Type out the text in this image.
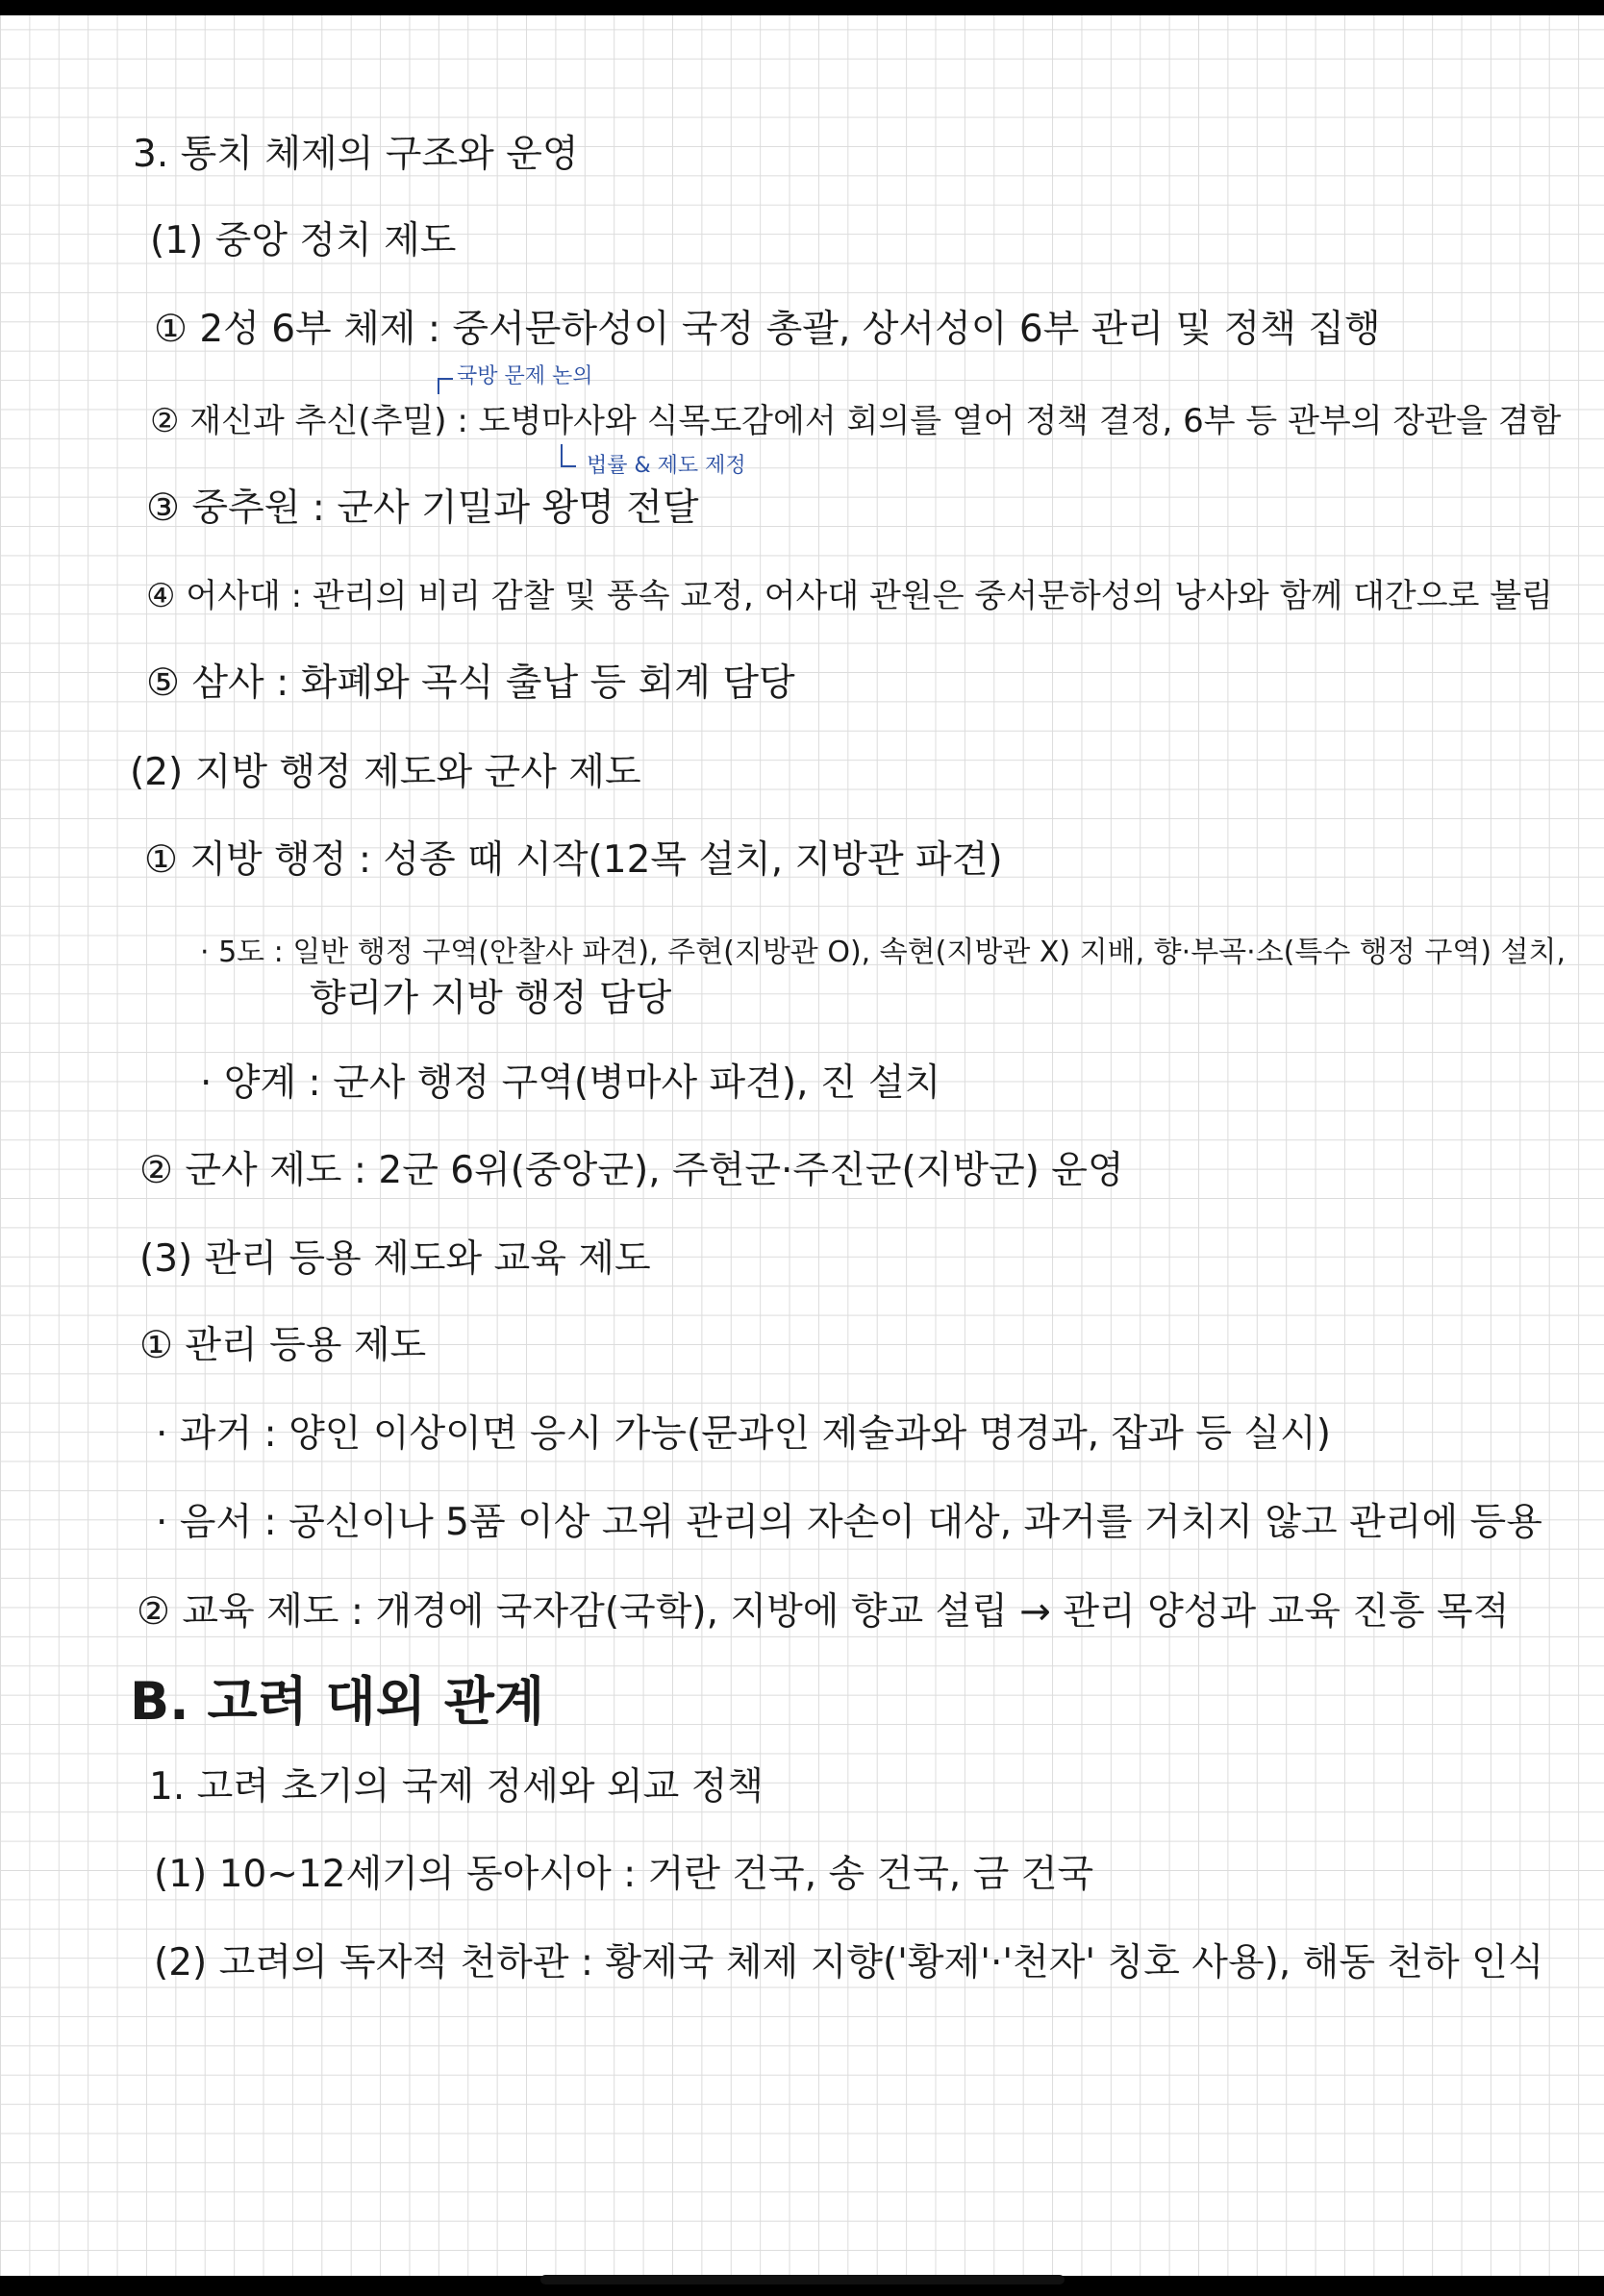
3. 통치 체제의 구조와 운영
(1) 중앙 정치 제도
① 2성 6부 체제 : 중서문하성이 국정 총괄, 상서성이 6부 관리 및 정책 집행
국방 문제 논의
② 재신과 추신(추밀) : 도병마사와 식목도감에서 회의를 열어 정책 결정, 6부 등 관부의 장관을 겸함
법률 & 제도 제정
③ 중추원 : 군사 기밀과 왕명 전달
④ 어사대 : 관리의 비리 감찰 및 풍속 교정, 어사대 관원은 중서문하성의 낭사와 함께 대간으로 불림
⑤ 삼사 : 화폐와 곡식 출납 등 회계 담당
(2) 지방 행정 제도와 군사 제도
① 지방 행정 : 성종 때 시작(12목 설치, 지방관 파견)
· 5도 : 일반 행정 구역(안찰사 파견), 주현(지방관 O), 속현(지방관 X) 지배, 향·부곡·소(특수 행정 구역) 설치,
향리가 지방 행정 담당
· 양계 : 군사 행정 구역(병마사 파견), 진 설치
② 군사 제도 : 2군 6위(중앙군), 주현군·주진군(지방군) 운영
(3) 관리 등용 제도와 교육 제도
① 관리 등용 제도
· 과거 : 양인 이상이면 응시 가능(문과인 제술과와 명경과, 잡과 등 실시)
· 음서 : 공신이나 5품 이상 고위 관리의 자손이 대상, 과거를 거치지 않고 관리에 등용
② 교육 제도 : 개경에 국자감(국학), 지방에 향교 설립 → 관리 양성과 교육 진흥 목적
B. 고려 대외 관계
1. 고려 초기의 국제 정세와 외교 정책
(1) 10~12세기의 동아시아 : 거란 건국, 송 건국, 금 건국
(2) 고려의 독자적 천하관 : 황제국 체제 지향('황제'·'천자' 칭호 사용), 해동 천하 인식
